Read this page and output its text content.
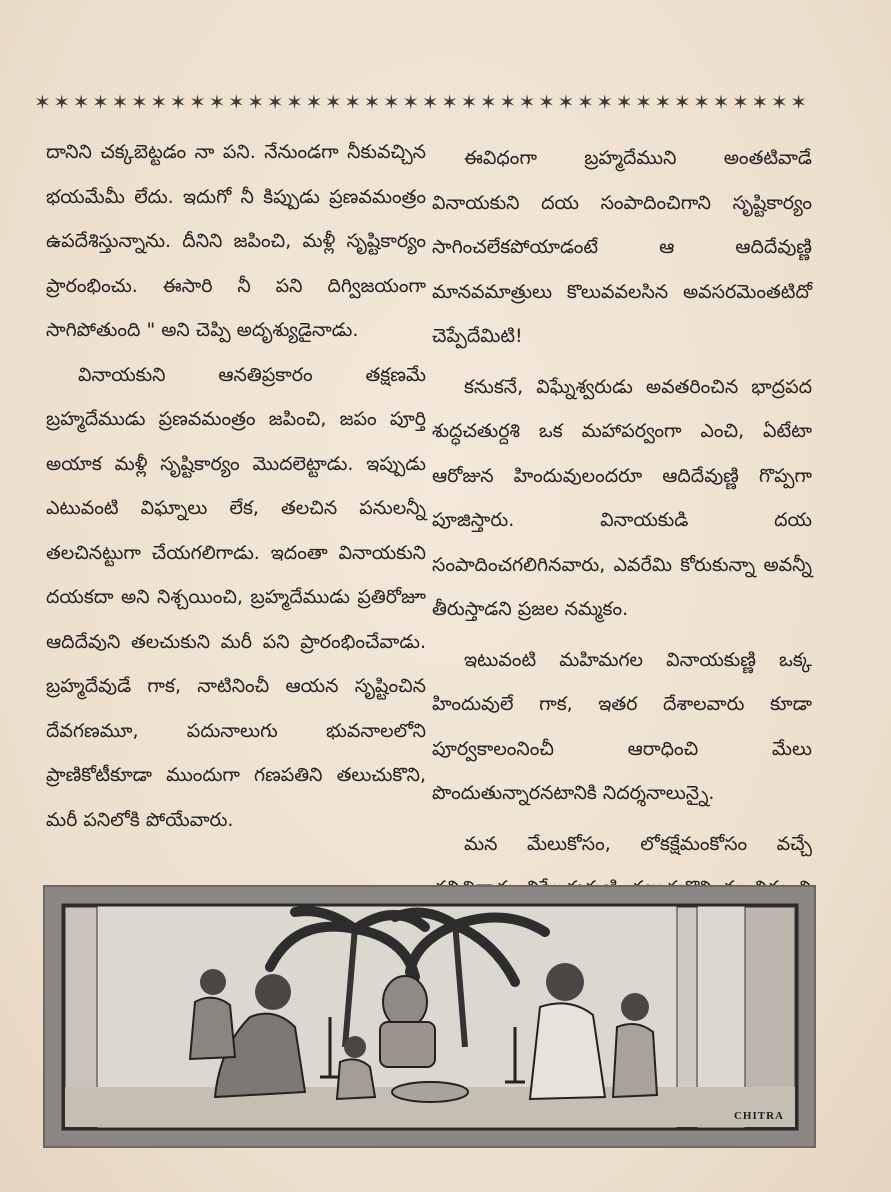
✶ ✶ ✶ ✶ ✶ ✶ ✶ ✶ ✶ ✶ ✶ ✶ ✶ ✶ ✶ ✶ ✶ ✶ ✶ ✶ ✶ ✶ ✶ ✶ ✶ ✶ ✶ ✶ ✶ ✶ ✶ ✶ ✶ ✶ ✶ ✶ ✶ ✶ ✶ ✶

దానిని చక్కబెట్టడం నా పని. నేనుండగా నీకువచ్చిన భయమేమీ లేదు. ఇదుగో నీ కిప్పుడు ప్రణవమంత్రం ఉపదేశిస్తున్నాను. దీనిని జపించి, మళ్లీ సృష్టికార్యం ప్రారంభించు. ఈసారి నీ పని దిగ్విజయంగా సాగిపోతుంది " అని చెప్పి అదృశ్యుడైనాడు.

వినాయకుని ఆనతిప్రకారం తక్షణమే బ్రహ్మదేముడు ప్రణవమంత్రం జపించి, జపం పూర్తి అయాక మళ్లీ సృష్టికార్యం మొదలెట్టాడు. ఇప్పుడు ఎటువంటి విఘ్నాలు లేక, తలచిన పనులన్నీ తలచినట్టుగా చేయగలిగాడు. ఇదంతా వినాయకుని దయకదా అని నిశ్చయించి, బ్రహ్మదేముడు ప్రతిరోజూ ఆదిదేవుని తలచుకుని మరీ పని ప్రారంభించేవాడు. బ్రహ్మదేవుడే గాక, నాటినించీ ఆయన సృష్టించిన దేవగణమూ, పదునాలుగు భువనాలలోని ప్రాణికోటీకూడా ముందుగా గణపతిని తలుచుకొని, మరీ పనిలోకి పోయేవారు.

ఈవిధంగా బ్రహ్మదేముని అంతటివాడే వినాయకుని దయ సంపాదించిగాని సృష్టికార్యం సాగించలేకపోయాడంటే ఆ ఆదిదేవుణ్ణి మానవమాత్రులు కొలువవలసిన అవసరమెంతటిదో చెప్పేదేమిటి!

కనుకనే, విఘ్నేశ్వరుడు అవతరించిన భాద్రపద శుద్ధచతుర్దశి ఒక మహాపర్వంగా ఎంచి, ఏటేటా ఆరోజున హిందువులందరూ ఆదిదేవుణ్ణి గొప్పగా పూజిస్తారు. వినాయకుడి దయ సంపాదించగలిగినవారు, ఎవరేమి కోరుకున్నా అవన్నీ తీరుస్తాడని ప్రజల నమ్మకం.

ఇటువంటి మహిమగల వినాయకుణ్ణి ఒక్క హిందువులే గాక, ఇతర దేశాలవారు కూడా పూర్వకాలంనించీ ఆరాధించి మేలు పొందుతున్నారనటానికి నిదర్శనాలున్నై.

మన మేలుకోసం, లోకక్షేమంకోసం వచ్చే

CHITRA
